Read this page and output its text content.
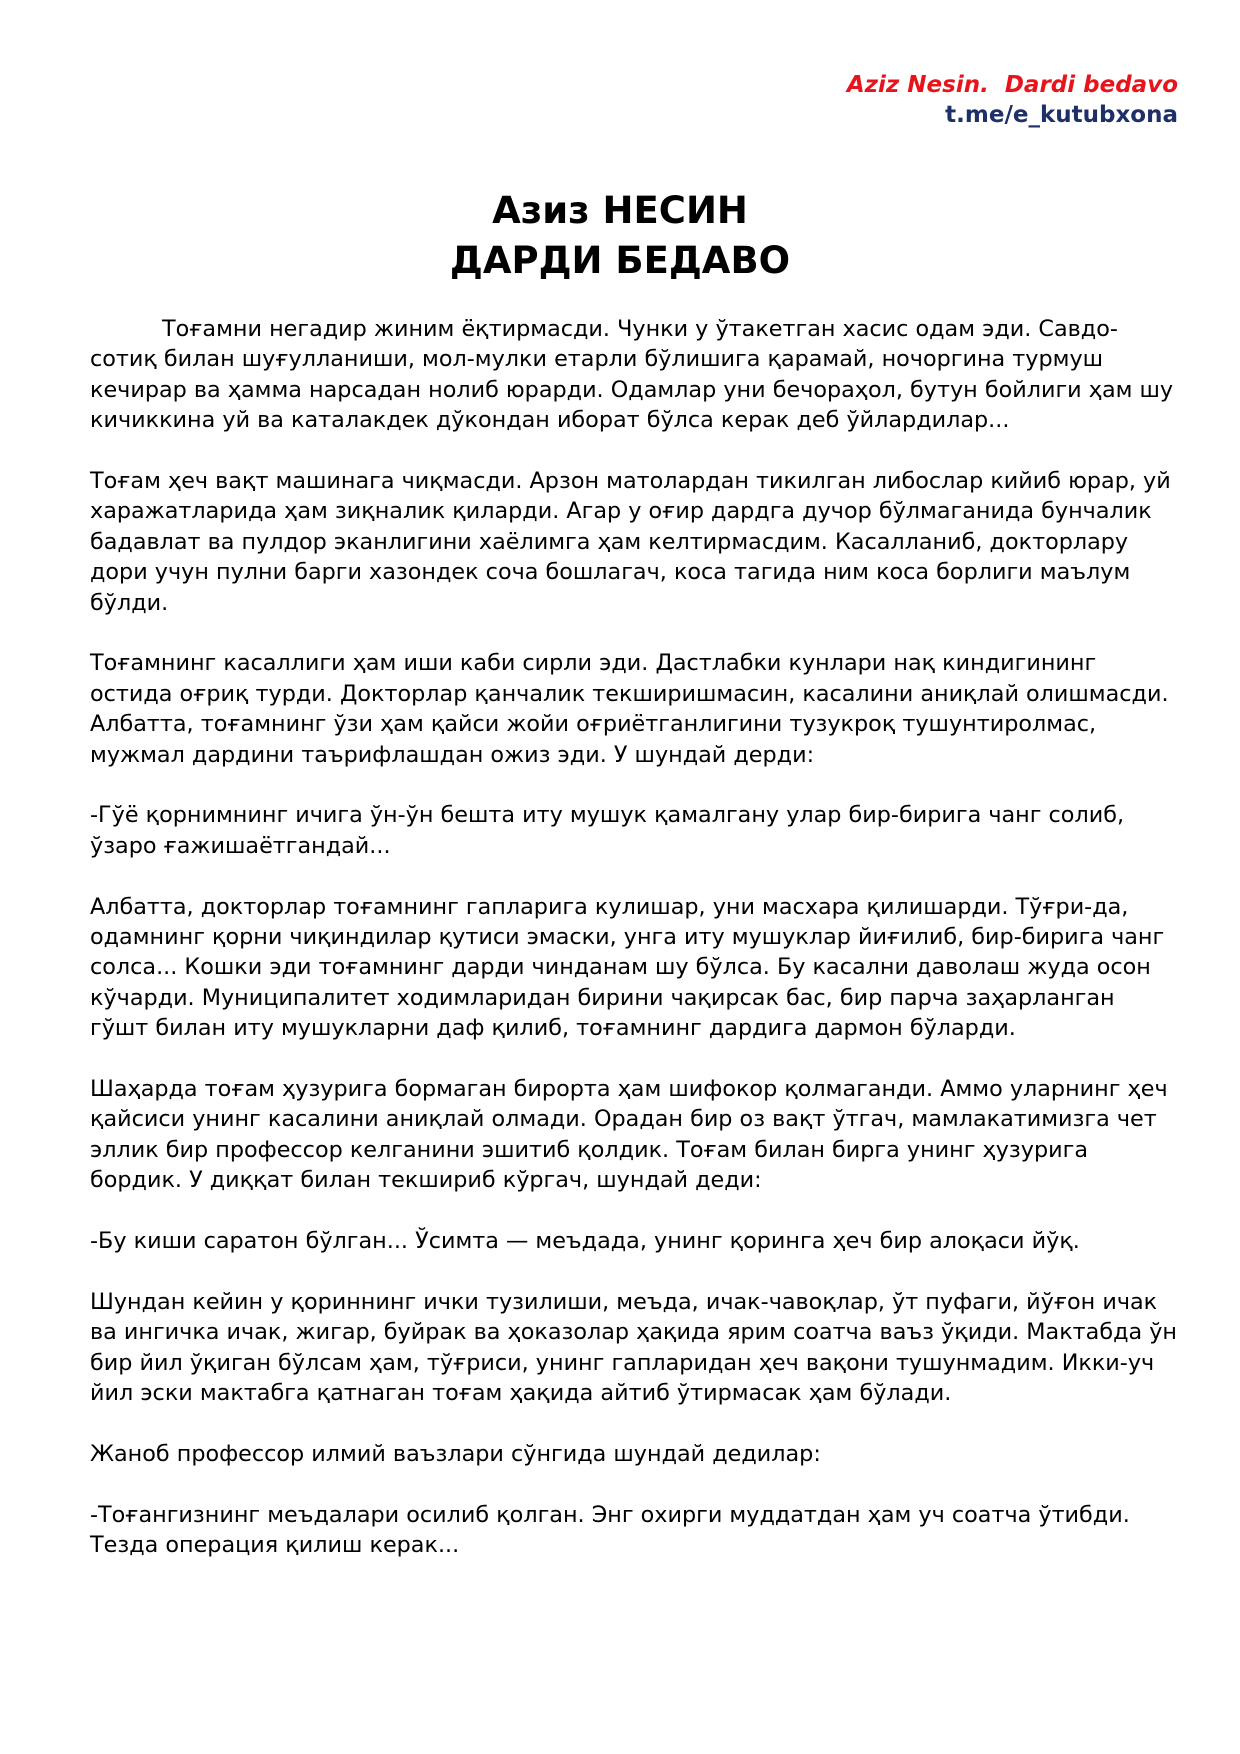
Aziz Nesin.  Dardi bedavo
t.me/e_kutubxona
Азиз НЕСИН
ДАРДИ БЕДАВО

Тоғамни негадир жиним ёқтирмасди. Чунки у ўтакетган хасис одам эди. Савдо-сотиқ билан шуғулланиши, мол-мулки етарли бўлишига қарамай, ночоргина турмуш кечирар ва ҳамма нарсадан нолиб юрарди. Одамлар уни бечораҳол, бутун бойлиги ҳам шу кичиккина уй ва каталакдек дўкондан иборат бўлса керак деб ўйлардилар...

Тоғам ҳеч вақт машинага чиқмасди. Арзон матолардан тикилган либослар кийиб юрар, уй харажатларида ҳам зиқналик қиларди. Агар у оғир дардга дучор бўлмаганида бунчалик бадавлат ва пулдор эканлигини хаёлимга ҳам келтирмасдим. Касалланиб, докторлару дори учун пулни барги хазондек соча бошлагач, коса тагида ним коса борлиги маълум бўлди.

Тоғамнинг касаллиги ҳам иши каби сирли эди. Дастлабки кунлари нақ киндигининг остида оғриқ турди. Докторлар қанчалик текширишмасин, касалини аниқлай олишмасди. Албатта, тоғамнинг ўзи ҳам қайси жойи оғриётганлигини тузукроқ тушунтиролмас, мужмал дардини таърифлашдан ожиз эди. У шундай дерди:

-Гўё қорнимнинг ичига ўн-ўн бешта иту мушук қамалгану улар бир-бирига чанг солиб, ўзаро ғажишаётгандай...

Албатта, докторлар тоғамнинг гапларига кулишар, уни масхара қилишарди. Тўғри-да, одамнинг қорни чиқиндилар қутиси эмаски, унга иту мушуклар йиғилиб, бир-бирига чанг солса... Кошки эди тоғамнинг дарди чинданам шу бўлса. Бу касални даволаш жуда осон кўчарди. Муниципалитет ходимларидан бирини чақирсак бас, бир парча заҳарланган гўшт билан иту мушукларни даф қилиб, тоғамнинг дардига дармон бўларди.

Шаҳарда тоғам ҳузурига бормаган бирорта ҳам шифокор қолмаганди. Аммо уларнинг ҳеч қайсиси унинг касалини аниқлай олмади. Орадан бир оз вақт ўтгач, мамлакатимизга чет эллик бир профессор келганини эшитиб қолдик. Тоғам билан бирга унинг ҳузурига бордик. У диққат билан текшириб кўргач, шундай деди:

-Бу киши саратон бўлган... Ўсимта — меъдада, унинг қоринга ҳеч бир алоқаси йўқ.

Шундан кейин у қориннинг ички тузилиши, меъда, ичак-чавоқлар, ўт пуфаги, йўғон ичак ва ингичка ичак, жигар, буйрак ва ҳоказолар ҳақида ярим соатча ваъз ўқиди. Мактабда ўн бир йил ўқиган бўлсам ҳам, тўғриси, унинг гапларидан ҳеч вақони тушунмадим. Икки-уч йил эски мактабга қатнаган тоғам ҳақида айтиб ўтирмасак ҳам бўлади.

Жаноб профессор илмий ваъзлари сўнгида шундай дедилар:

-Тоғангизнинг меъдалари осилиб қолган. Энг охирги муддатдан ҳам уч соатча ўтибди. Тезда операция қилиш керак...
